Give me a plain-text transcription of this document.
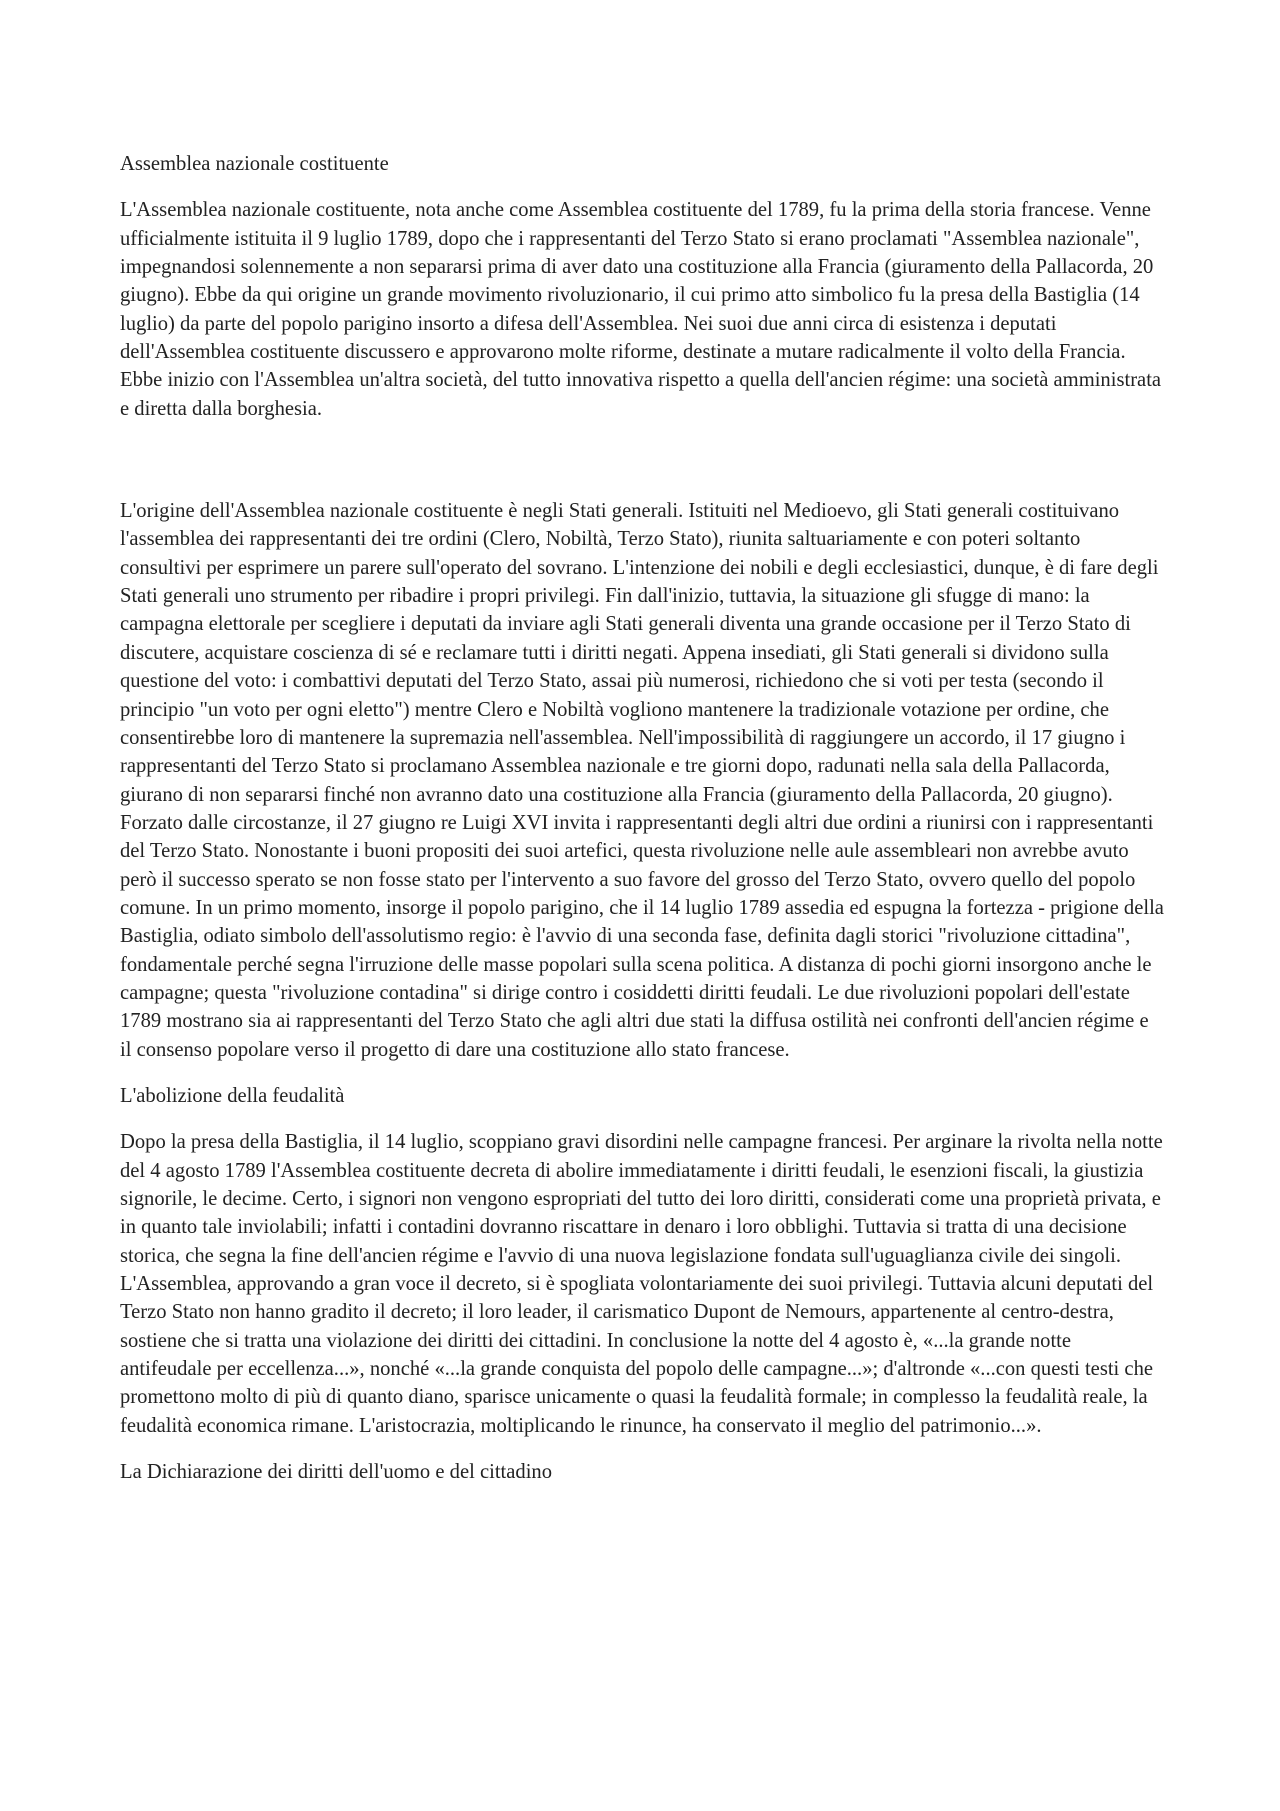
Assemblea nazionale costituente

L'Assemblea nazionale costituente, nota anche come Assemblea costituente del 1789, fu la prima della storia francese. Venne ufficialmente istituita il 9 luglio 1789, dopo che i rappresentanti del Terzo Stato si erano proclamati "Assemblea nazionale", impegnandosi solennemente a non separarsi prima di aver dato una costituzione alla Francia (giuramento della Pallacorda, 20 giugno). Ebbe da qui origine un grande movimento rivoluzionario, il cui primo atto simbolico fu la presa della Bastiglia (14 luglio) da parte del popolo parigino insorto a difesa dell'Assemblea. Nei suoi due anni circa di esistenza i deputati dell'Assemblea costituente discussero e approvarono molte riforme, destinate a mutare radicalmente il volto della Francia. Ebbe inizio con l'Assemblea un'altra società, del tutto innovativa rispetto a quella dell'ancien régime: una società amministrata e diretta dalla borghesia.

L'origine dell'Assemblea nazionale costituente è negli Stati generali. Istituiti nel Medioevo, gli Stati generali costituivano l'assemblea dei rappresentanti dei tre ordini (Clero, Nobiltà, Terzo Stato), riunita saltuariamente e con poteri soltanto consultivi per esprimere un parere sull'operato del sovrano. L'intenzione dei nobili e degli ecclesiastici, dunque, è di fare degli Stati generali uno strumento per ribadire i propri privilegi. Fin dall'inizio, tuttavia, la situazione gli sfugge di mano: la campagna elettorale per scegliere i deputati da inviare agli Stati generali diventa una grande occasione per il Terzo Stato di discutere, acquistare coscienza di sé e reclamare tutti i diritti negati. Appena insediati, gli Stati generali si dividono sulla questione del voto: i combattivi deputati del Terzo Stato, assai più numerosi, richiedono che si voti per testa (secondo il principio "un voto per ogni eletto") mentre Clero e Nobiltà vogliono mantenere la tradizionale votazione per ordine, che consentirebbe loro di mantenere la supremazia nell'assemblea. Nell'impossibilità di raggiungere un accordo, il 17 giugno i rappresentanti del Terzo Stato si proclamano Assemblea nazionale e tre giorni dopo, radunati nella sala della Pallacorda, giurano di non separarsi finché non avranno dato una costituzione alla Francia (giuramento della Pallacorda, 20 giugno). Forzato dalle circostanze, il 27 giugno re Luigi XVI invita i rappresentanti degli altri due ordini a riunirsi con i rappresentanti del Terzo Stato. Nonostante i buoni propositi dei suoi artefici, questa rivoluzione nelle aule assembleari non avrebbe avuto però il successo sperato se non fosse stato per l'intervento a suo favore del grosso del Terzo Stato, ovvero quello del popolo comune. In un primo momento, insorge il popolo parigino, che il 14 luglio 1789 assedia ed espugna la fortezza - prigione della Bastiglia, odiato simbolo dell'assolutismo regio: è l'avvio di una seconda fase, definita dagli storici "rivoluzione cittadina", fondamentale perché segna l'irruzione delle masse popolari sulla scena politica. A distanza di pochi giorni insorgono anche le campagne; questa "rivoluzione contadina" si dirige contro i cosiddetti diritti feudali. Le due rivoluzioni popolari dell'estate 1789 mostrano sia ai rappresentanti del Terzo Stato che agli altri due stati la diffusa ostilità nei confronti dell'ancien régime e il consenso popolare verso il progetto di dare una costituzione allo stato francese.

L'abolizione della feudalità

Dopo la presa della Bastiglia, il 14 luglio, scoppiano gravi disordini nelle campagne francesi. Per arginare la rivolta nella notte del 4 agosto 1789 l'Assemblea costituente decreta di abolire immediatamente i diritti feudali, le esenzioni fiscali, la giustizia signorile, le decime. Certo, i signori non vengono espropriati del tutto dei loro diritti, considerati come una proprietà privata, e in quanto tale inviolabili; infatti i contadini dovranno riscattare in denaro i loro obblighi. Tuttavia si tratta di una decisione storica, che segna la fine dell'ancien régime e l'avvio di una nuova legislazione fondata sull'uguaglianza civile dei singoli. L'Assemblea, approvando a gran voce il decreto, si è spogliata volontariamente dei suoi privilegi. Tuttavia alcuni deputati del Terzo Stato non hanno gradito il decreto; il loro leader, il carismatico Dupont de Nemours, appartenente al centro-destra, sostiene che si tratta una violazione dei diritti dei cittadini. In conclusione la notte del 4 agosto è, «...la grande notte antifeudale per eccellenza...», nonché «...la grande conquista del popolo delle campagne...»; d'altronde «...con questi testi che promettono molto di più di quanto diano, sparisce unicamente o quasi la feudalità formale; in complesso la feudalità reale, la feudalità economica rimane. L'aristocrazia, moltiplicando le rinunce, ha conservato il meglio del patrimonio...».

La Dichiarazione dei diritti dell'uomo e del cittadino
